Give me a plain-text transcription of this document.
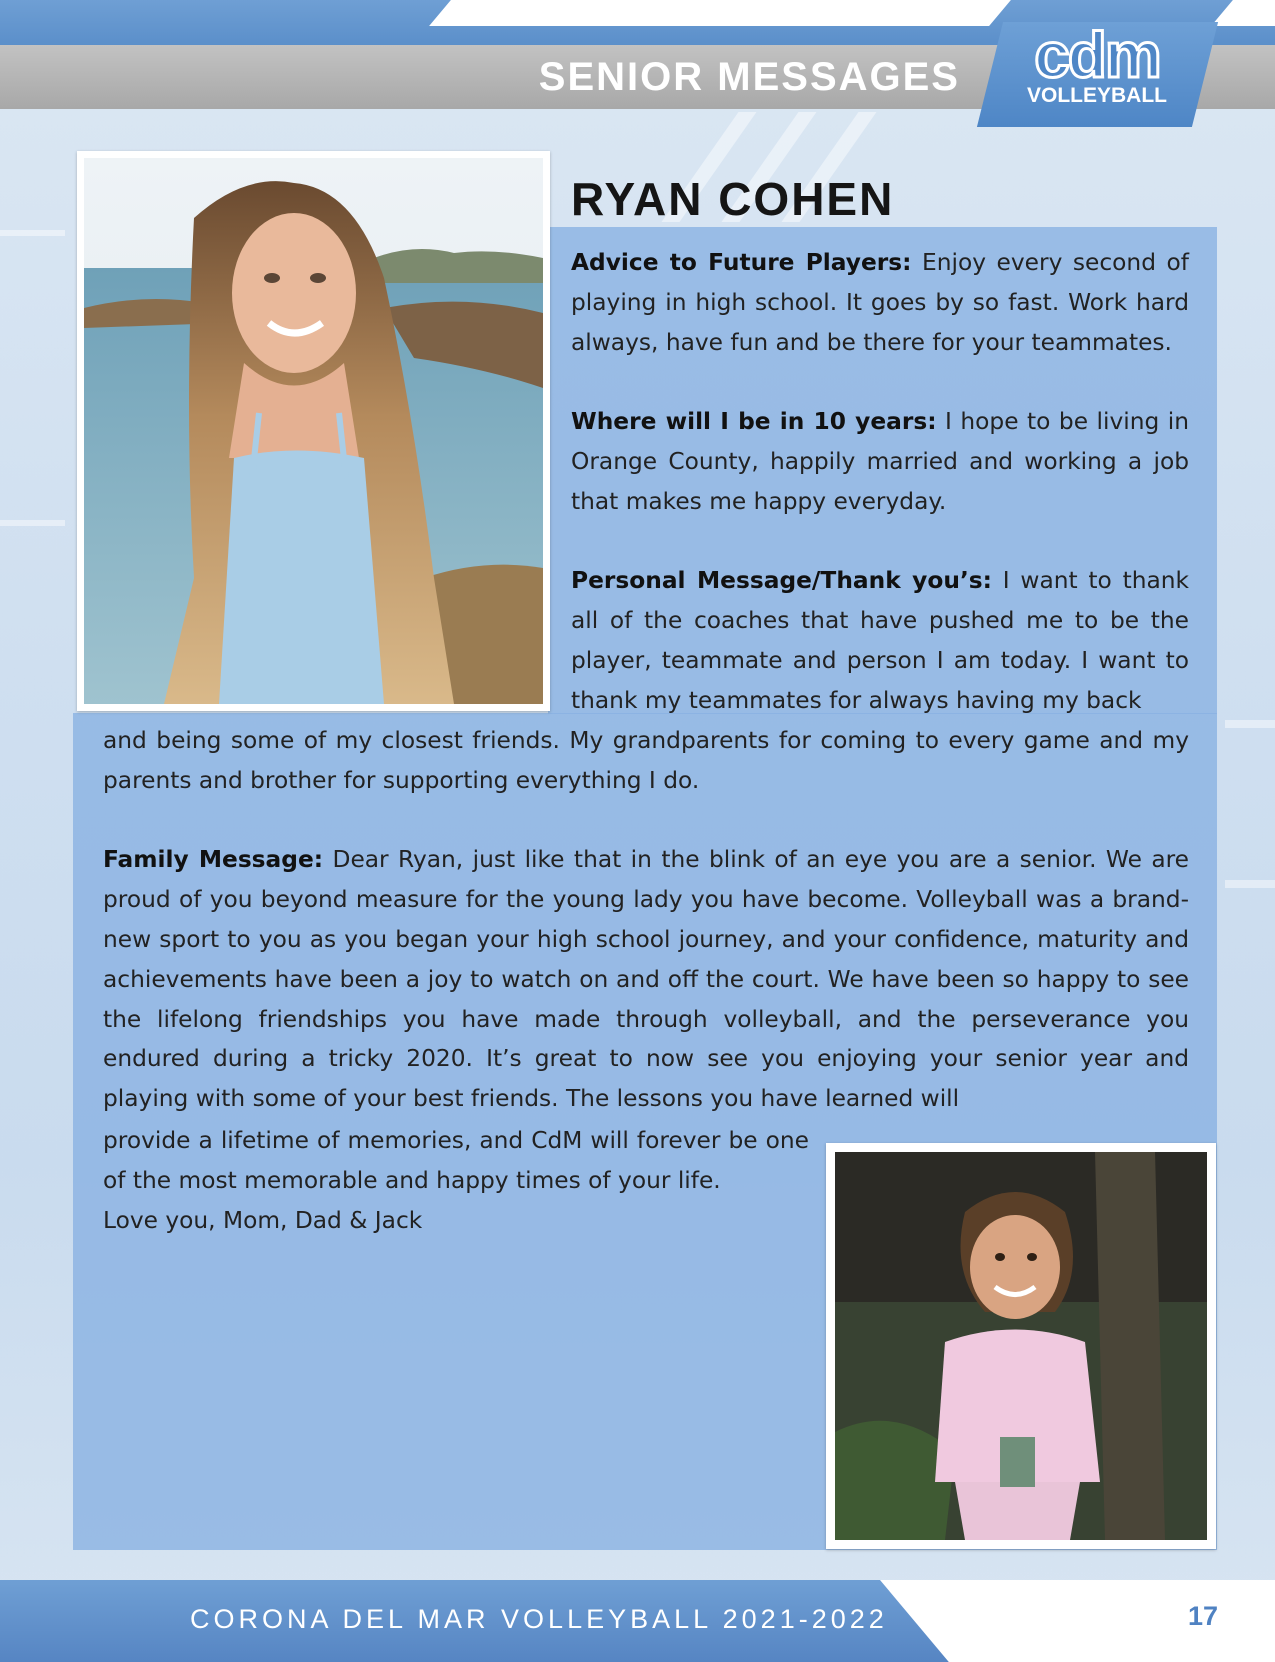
SENIOR MESSAGES cdm
VOLLEYBALL
RYAN COHEN

Advice to Future Players: Enjoy every second of playing in high school. It goes by so fast. Work hard always, have fun and be there for your teammates.

Where will I be in 10 years: I hope to be living in Orange County, happily married and working a job that makes me happy everyday.

Personal Message/Thank you’s: I want to thank all of the coaches that have pushed me to be the player, teammate and person I am today. I want to thank my teammates for always having my back

and being some of my closest friends. My grandparents for coming to every game and my parents and brother for supporting everything I do.

Family Message: Dear Ryan, just like that in the blink of an eye you are a senior. We are proud of you beyond measure for the young lady you have become. Volleyball was a brand-new sport to you as you began your high school journey, and your confidence, maturity and achievements have been a joy to watch on and off the court. We have been so happy to see the lifelong friendships you have made through volleyball, and the perseverance you endured during a tricky 2020. It’s great to now see you enjoying your senior year and playing with some of your best friends. The lessons you have learned will

provide a lifetime of memories, and CdM will forever be one of the most memorable and happy times of your life.

Love you, Mom, Dad & Jack

CORONA DEL MAR VOLLEYBALL 2021-2022	17
